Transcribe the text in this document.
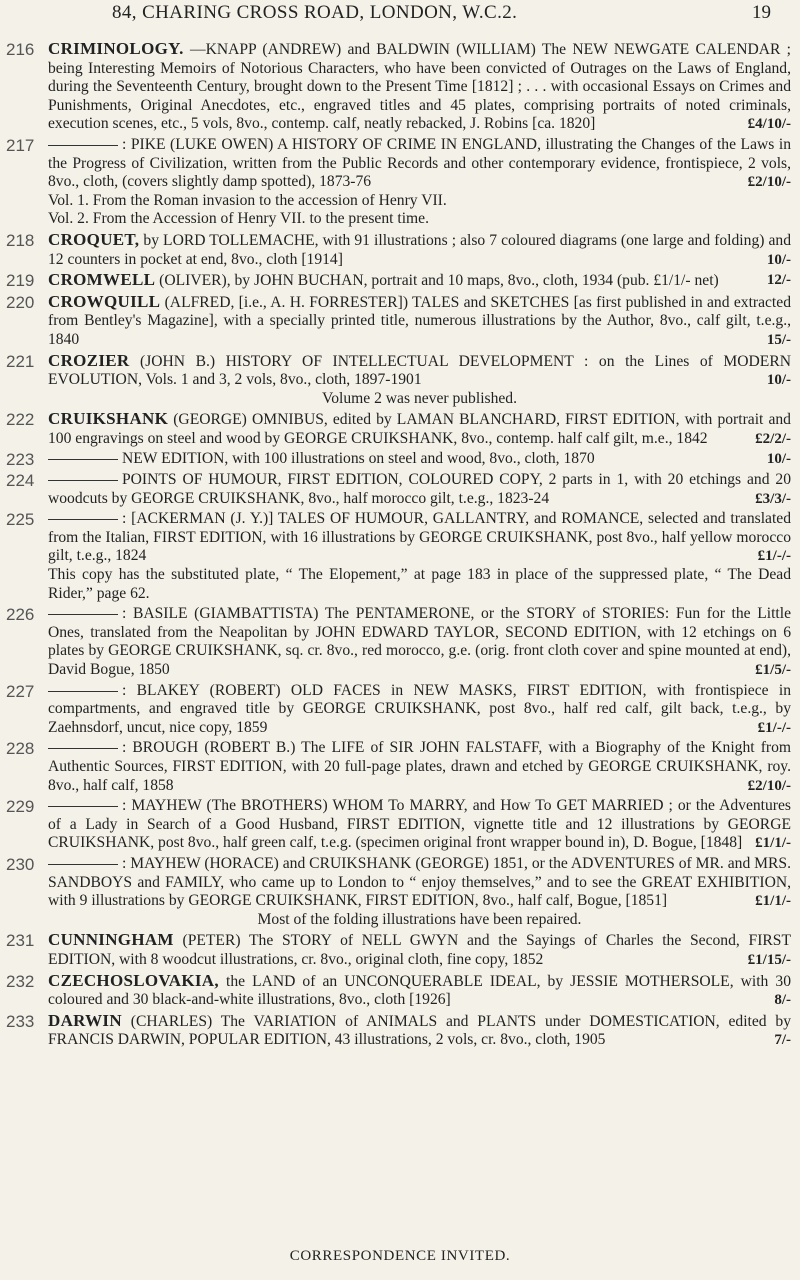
84, CHARING CROSS ROAD, LONDON, W.C.2.	19
216 CRIMINOLOGY. —KNAPP (ANDREW) and BALDWIN (WILLIAM) The NEW NEWGATE CALENDAR ; being Interesting Memoirs of Notorious Characters, who have been convicted of Outrages on the Laws of England, during the Seventeenth Century, brought down to the Present Time [1812] ; . . . with occasional Essays on Crimes and Punishments, Original Anecdotes, etc., engraved titles and 45 plates, comprising portraits of noted criminals, execution scenes, etc., 5 vols, 8vo., contemp. calf, neatly rebacked, J. Robins [ca. 1820]	£4/10/-
217	: PIKE (LUKE OWEN) A HISTORY OF CRIME IN ENGLAND, illustrating the Changes of the Laws in the Progress of Civilization, written from the Public Records and other contemporary evidence, frontispiece, 2 vols, 8vo., cloth, (covers slightly damp spotted), 1873-76	£2/10/-
Vol. 1. From the Roman invasion to the accession of Henry VII.
Vol. 2. From the Accession of Henry VII. to the present time.
218 CROQUET, by LORD TOLLEMACHE, with 91 illustrations ; also 7 coloured diagrams (one large and folding) and 12 counters in pocket at end, 8vo., cloth [1914]	10/-
219 CROMWELL (OLIVER), by JOHN BUCHAN, portrait and 10 maps, 8vo., cloth, 1934 (pub. £1/1/- net)	12/-
220 CROWQUILL (ALFRED, [i.e., A. H. FORRESTER]) TALES and SKETCHES [as first published in and extracted from Bentley's Magazine], with a specially printed title, numerous illustrations by the Author, 8vo., calf gilt, t.e.g., 1840	15/-
221 CROZIER (JOHN B.) HISTORY OF INTELLECTUAL DEVELOPMENT : on the Lines of MODERN EVOLUTION, Vols. 1 and 3, 2 vols, 8vo., cloth, 1897-1901	10/-
Volume 2 was never published.
222 CRUIKSHANK (GEORGE) OMNIBUS, edited by LAMAN BLANCHARD, FIRST EDITION, with portrait and 100 engravings on steel and wood by GEORGE CRUIKSHANK, 8vo., contemp. half calf gilt, m.e., 1842	£2/2/-
223	NEW EDITION, with 100 illustrations on steel and wood, 8vo., cloth, 1870	10/-
224	POINTS OF HUMOUR, FIRST EDITION, COLOURED COPY, 2 parts in 1, with 20 etchings and 20 woodcuts by GEORGE CRUIKSHANK, 8vo., half morocco gilt, t.e.g., 1823-24	£3/3/-
225	: [ACKERMAN (J. Y.)] TALES OF HUMOUR, GALLANTRY, and ROMANCE, selected and translated from the Italian, FIRST EDITION, with 16 illustrations by GEORGE CRUIKSHANK, post 8vo., half yellow morocco gilt, t.e.g., 1824	£1/-/-
This copy has the substituted plate, “ The Elopement,” at page 183 in place of the suppressed plate, “ The Dead Rider,” page 62.
226	: BASILE (GIAMBATTISTA) The PENTAMERONE, or the STORY of STORIES: Fun for the Little Ones, translated from the Neapolitan by JOHN EDWARD TAYLOR, SECOND EDITION, with 12 etchings on 6 plates by GEORGE CRUIKSHANK, sq. cr. 8vo., red morocco, g.e. (orig. front cloth cover and spine mounted at end), David Bogue, 1850	£1/5/-
227	: BLAKEY (ROBERT) OLD FACES in NEW MASKS, FIRST EDITION, with frontispiece in compartments, and engraved title by GEORGE CRUIKSHANK, post 8vo., half red calf, gilt back, t.e.g., by Zaehnsdorf, uncut, nice copy, 1859	£1/-/-
228	: BROUGH (ROBERT B.) The LIFE of SIR JOHN FALSTAFF, with a Biography of the Knight from Authentic Sources, FIRST EDITION, with 20 full-page plates, drawn and etched by GEORGE CRUIKSHANK, roy. 8vo., half calf, 1858	£2/10/-
229	: MAYHEW (The BROTHERS) WHOM To MARRY, and How To GET MARRIED ; or the Adventures of a Lady in Search of a Good Husband, FIRST EDITION, vignette title and 12 illustrations by GEORGE CRUIKSHANK, post 8vo., half green calf, t.e.g. (specimen original front wrapper bound in), D. Bogue, [1848] £1/1/-
230	: MAYHEW (HORACE) and CRUIKSHANK (GEORGE) 1851, or the ADVENTURES of MR. and MRS. SANDBOYS and FAMILY, who came up to London to “ enjoy themselves,” and to see the GREAT EXHIBITION, with 9 illustrations by GEORGE CRUIKSHANK, FIRST EDITION, 8vo., half calf, Bogue, [1851]	£1/1/-
Most of the folding illustrations have been repaired.
231 CUNNINGHAM (PETER) The STORY of NELL GWYN and the Sayings of Charles the Second, FIRST EDITION, with 8 woodcut illustrations, cr. 8vo., original cloth, fine copy, 1852	£1/15/-
232 CZECHOSLOVAKIA, the LAND of an UNCONQUERABLE IDEAL, by JESSIE MOTHERSOLE, with 30 coloured and 30 black-and-white illustrations, 8vo., cloth [1926]	8/-
233 DARWIN (CHARLES) The VARIATION of ANIMALS and PLANTS under DOMESTICATION, edited by FRANCIS DARWIN, POPULAR EDITION, 43 illustrations, 2 vols, cr. 8vo., cloth, 1905	7/-
CORRESPONDENCE INVITED.
